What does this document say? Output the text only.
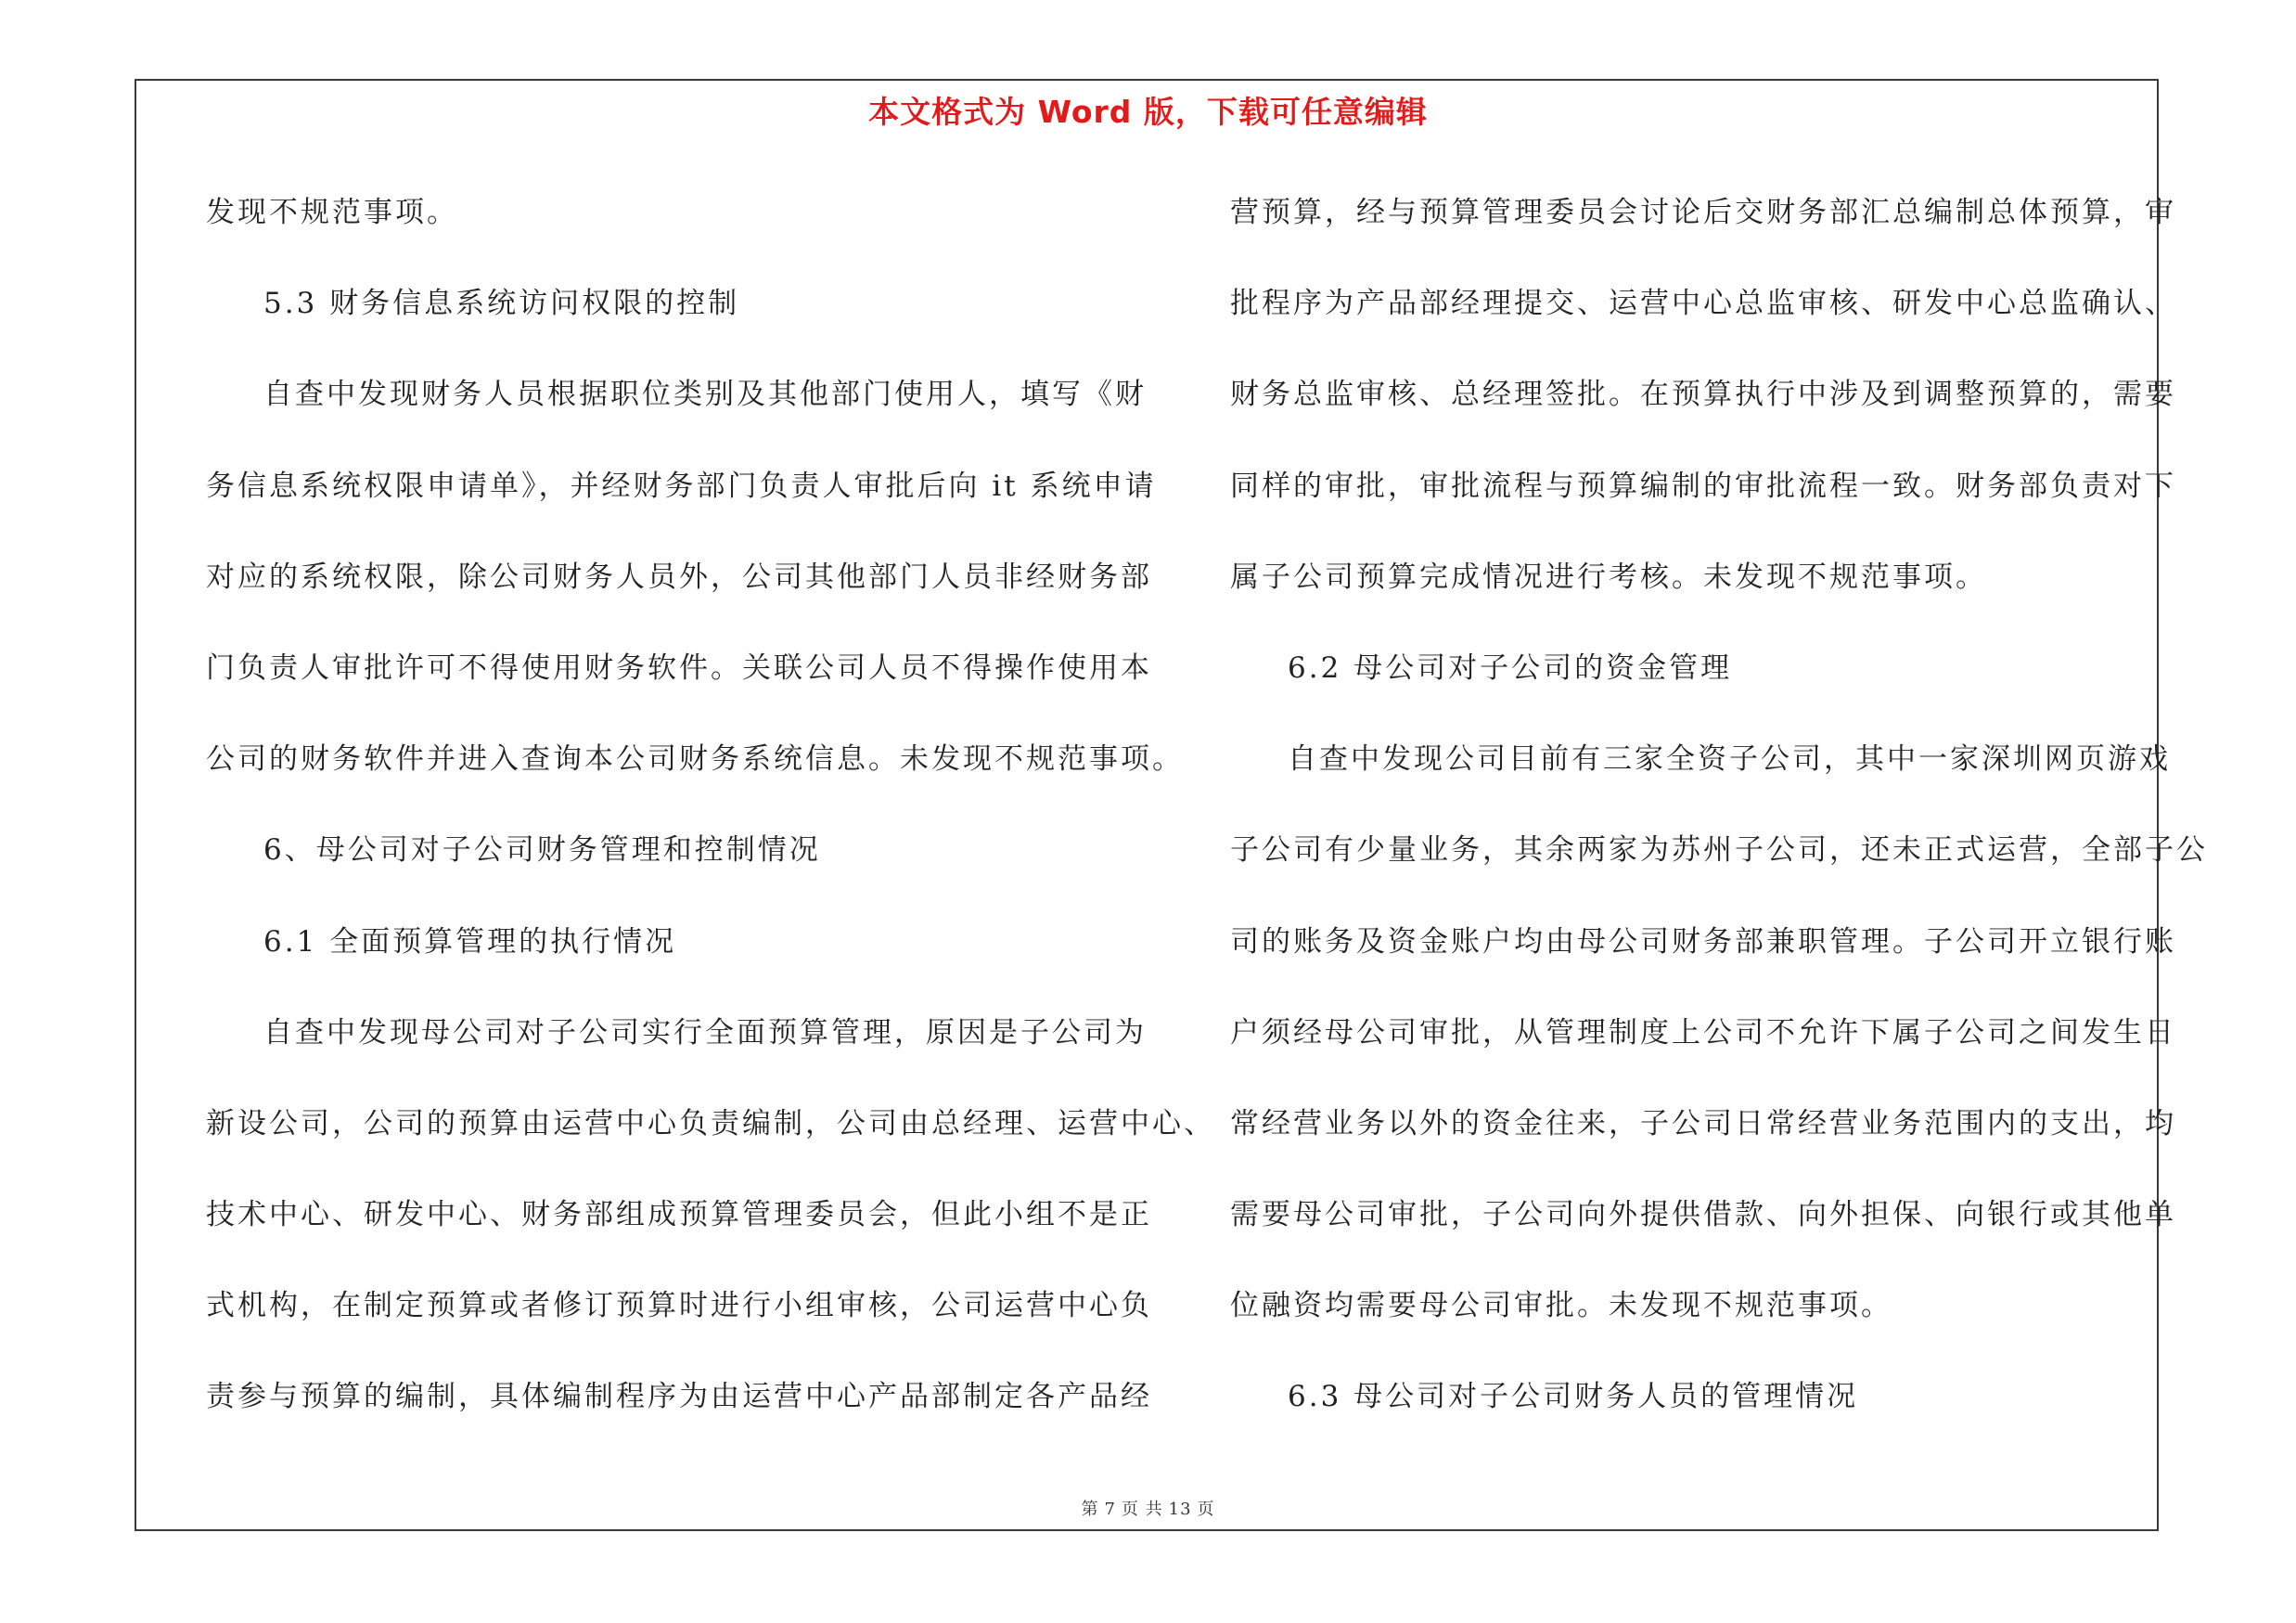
本文格式为 Word 版，下载可任意编辑
发现不规范事项。
5.3 财务信息系统访问权限的控制
自查中发现财务人员根据职位类别及其他部门使用人，填写《财
务信息系统权限申请单》，并经财务部门负责人审批后向 it 系统申请
对应的系统权限，除公司财务人员外，公司其他部门人员非经财务部
门负责人审批许可不得使用财务软件。关联公司人员不得操作使用本
公司的财务软件并进入查询本公司财务系统信息。未发现不规范事项。
6、母公司对子公司财务管理和控制情况
6.1 全面预算管理的执行情况
自查中发现母公司对子公司实行全面预算管理，原因是子公司为
新设公司，公司的预算由运营中心负责编制，公司由总经理、运营中心、
技术中心、研发中心、财务部组成预算管理委员会，但此小组不是正
式机构，在制定预算或者修订预算时进行小组审核，公司运营中心负
责参与预算的编制，具体编制程序为由运营中心产品部制定各产品经
营预算，经与预算管理委员会讨论后交财务部汇总编制总体预算，审
批程序为产品部经理提交、运营中心总监审核、研发中心总监确认、
财务总监审核、总经理签批。在预算执行中涉及到调整预算的，需要
同样的审批，审批流程与预算编制的审批流程一致。财务部负责对下
属子公司预算完成情况进行考核。未发现不规范事项。
6.2 母公司对子公司的资金管理
自查中发现公司目前有三家全资子公司，其中一家深圳网页游戏
子公司有少量业务，其余两家为苏州子公司，还未正式运营，全部子公
司的账务及资金账户均由母公司财务部兼职管理。子公司开立银行账
户须经母公司审批，从管理制度上公司不允许下属子公司之间发生日
常经营业务以外的资金往来，子公司日常经营业务范围内的支出，均
需要母公司审批，子公司向外提供借款、向外担保、向银行或其他单
位融资均需要母公司审批。未发现不规范事项。
6.3 母公司对子公司财务人员的管理情况
第 7 页 共 13 页
